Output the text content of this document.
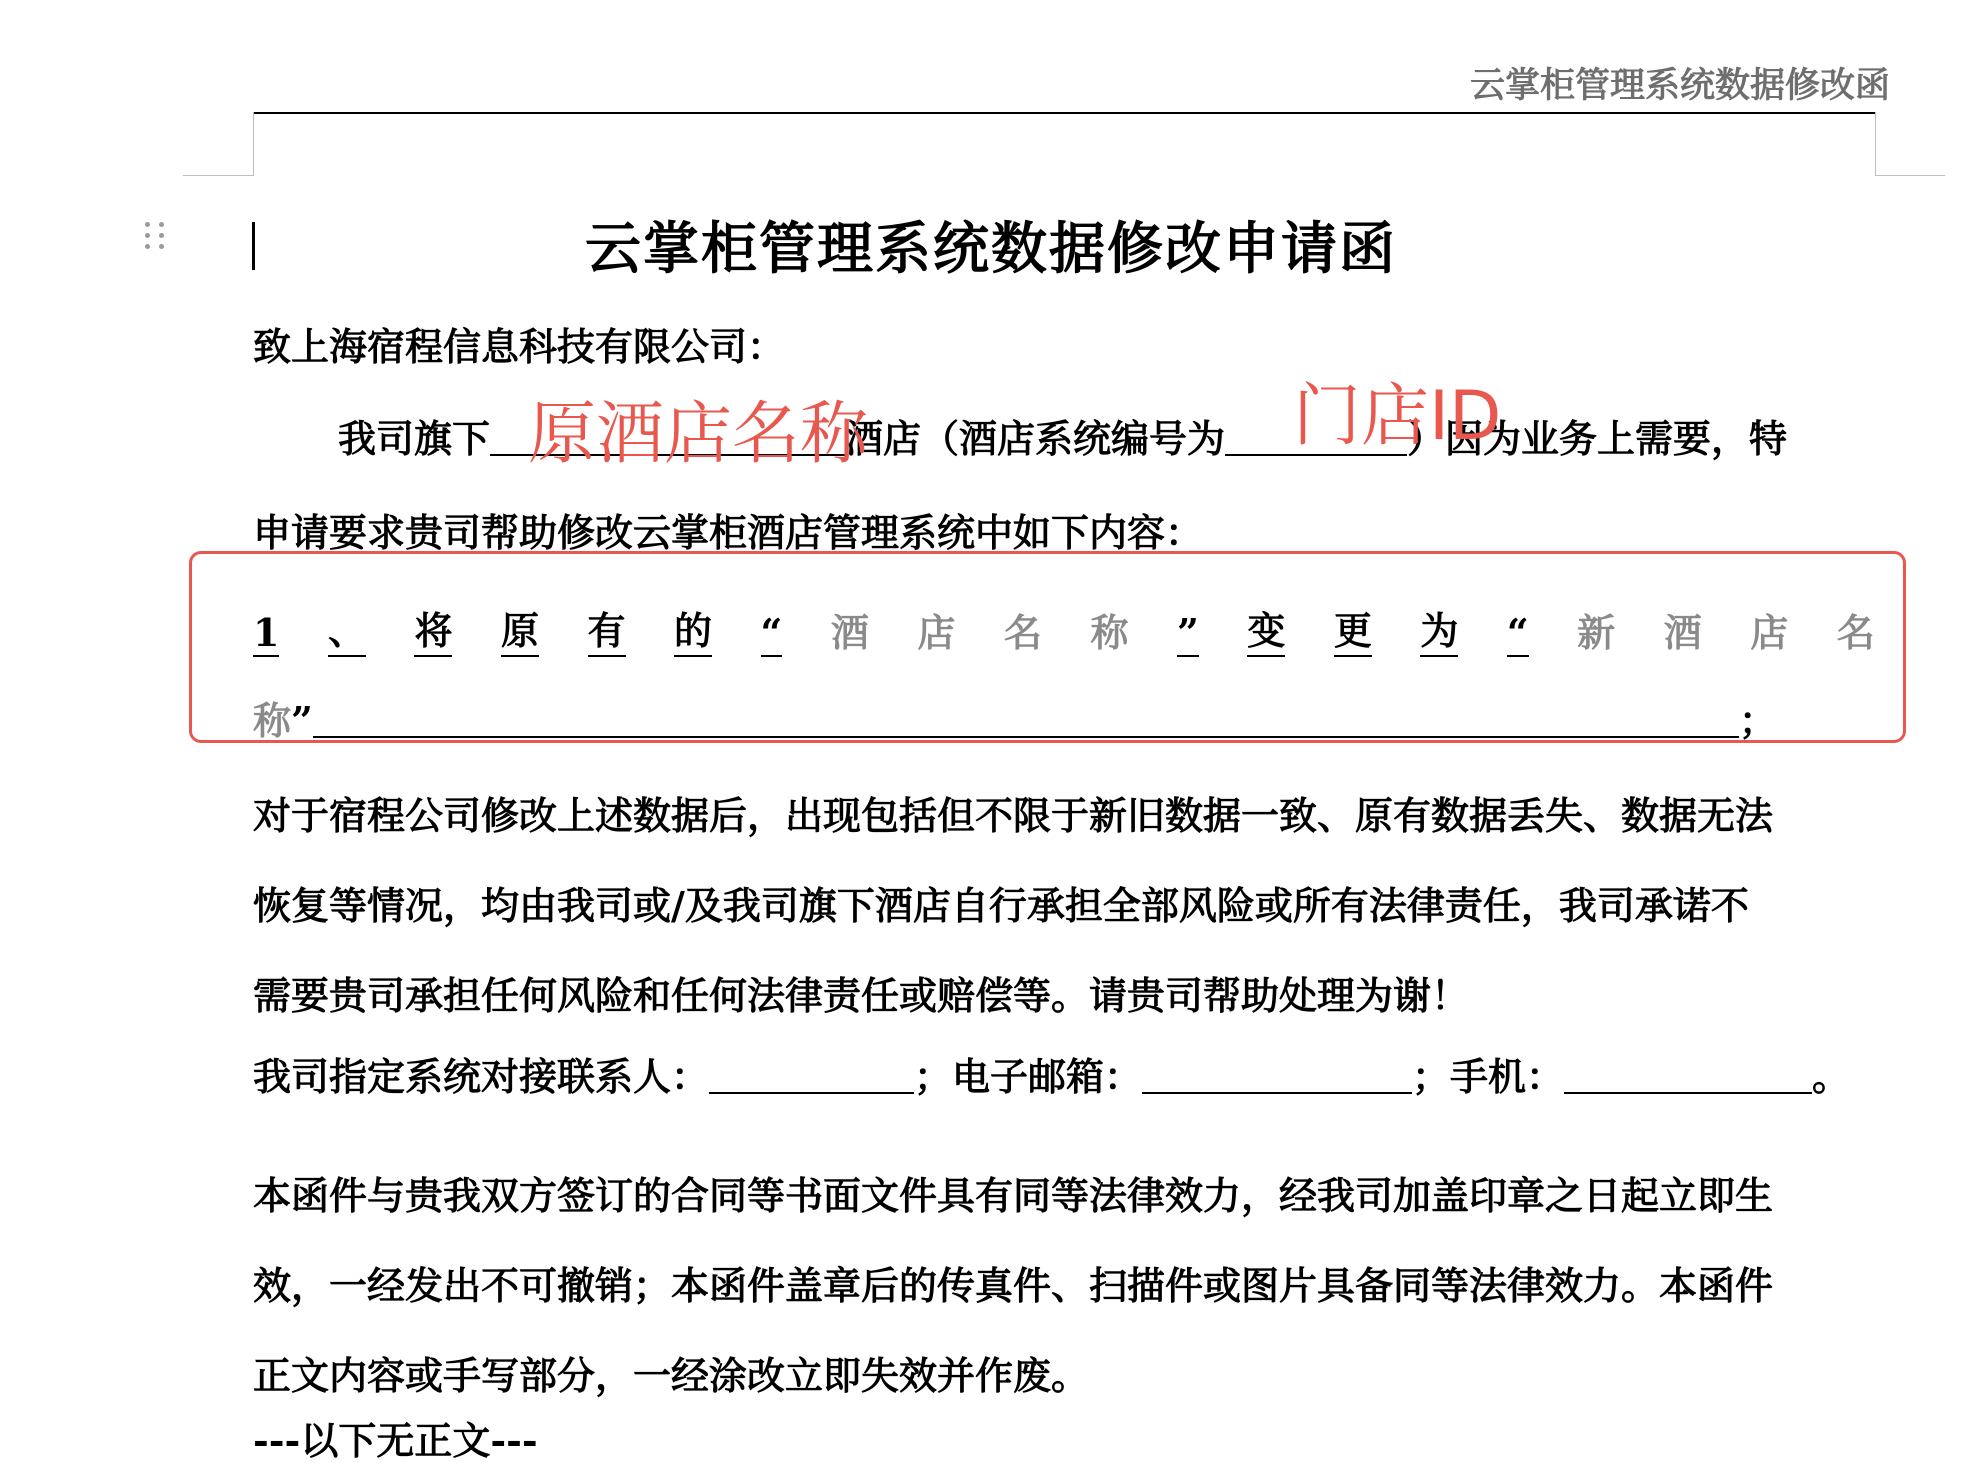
云掌柜管理系统数据修改函
云掌柜管理系统数据修改申请函
致上海宿程信息科技有限公司：
我司旗下	酒店（酒店系统编号为	）因为业务上需要，特
原酒店名称	门店ID
申请要求贵司帮助修改云掌柜酒店管理系统中如下内容：
1 、 将 原 有 的 “ 酒 店 名 称 ” 变 更 为 “ 新 酒 店 名
称”	；
对于宿程公司修改上述数据后，出现包括但不限于新旧数据一致、原有数据丢失、数据无法
恢复等情况，均由我司或/及我司旗下酒店自行承担全部风险或所有法律责任，我司承诺不
需要贵司承担任何风险和任何法律责任或赔偿等。请贵司帮助处理为谢！
我司指定系统对接联系人：	；电子邮箱：	；手机：	。
本函件与贵我双方签订的合同等书面文件具有同等法律效力，经我司加盖印章之日起立即生
效，一经发出不可撤销；本函件盖章后的传真件、扫描件或图片具备同等法律效力。本函件
正文内容或手写部分，一经涂改立即失效并作废。
---以下无正文---
